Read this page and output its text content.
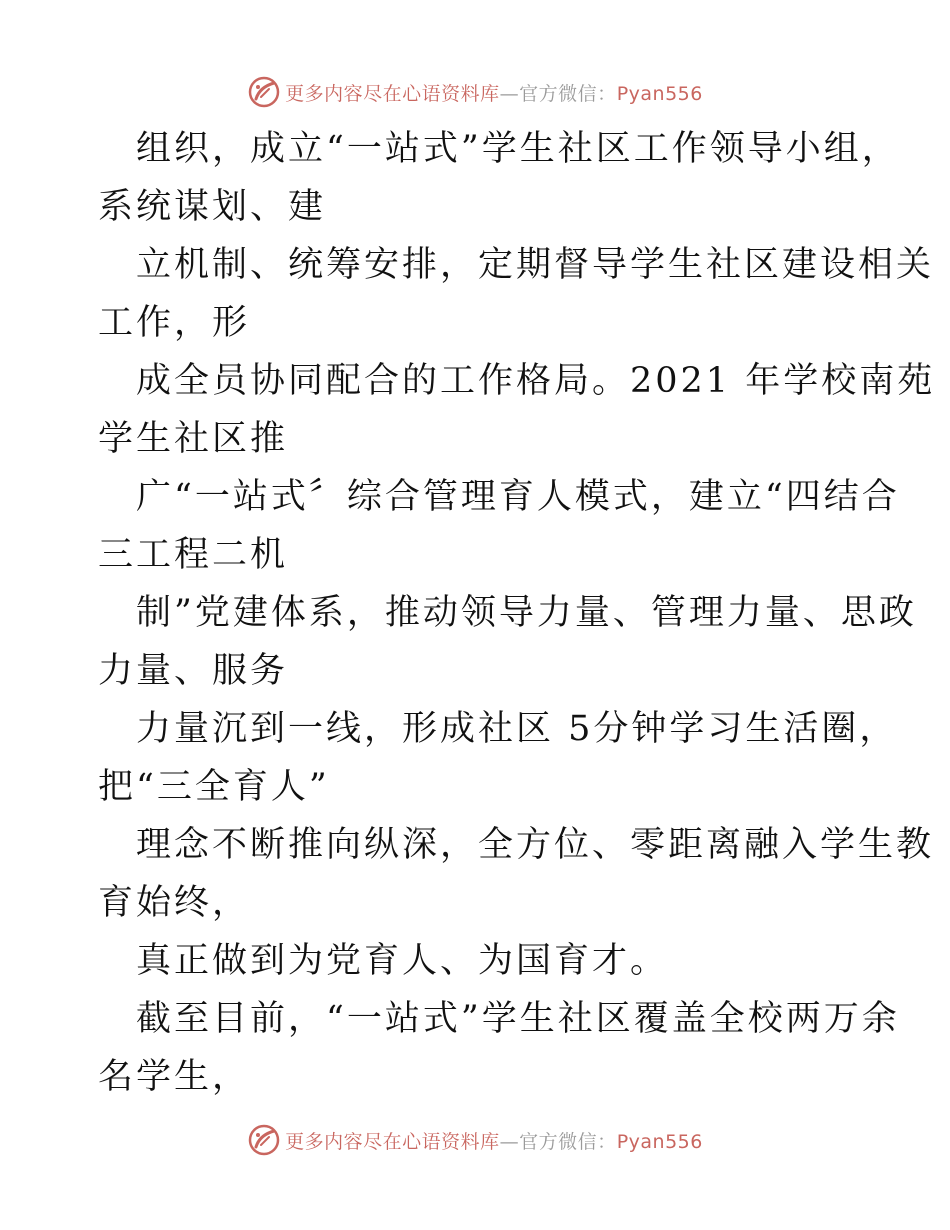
更多内容尽在心语资料库—官方微信：Pyan556

组织，成立“一站式”学生社区工作领导小组，
系统谋划、建

立机制、统筹安排，定期督导学生社区建设相关
工作，形

成全员协同配合的工作格局。2021 年学校南苑
学生社区推

广“一站式〞综合管理育人模式，建立“四结合
三工程二机

制”党建体系，推动领导力量、管理力量、思政
力量、服务

力量沉到一线，形成社区 5分钟学习生活圈，
把“三全育人”

理念不断推向纵深，全方位、零距离融入学生教
育始终，

真正做到为党育人、为国育才。

截至目前，“一站式”学生社区覆盖全校两万余
名学生，

更多内容尽在心语资料库—官方微信：Pyan556
